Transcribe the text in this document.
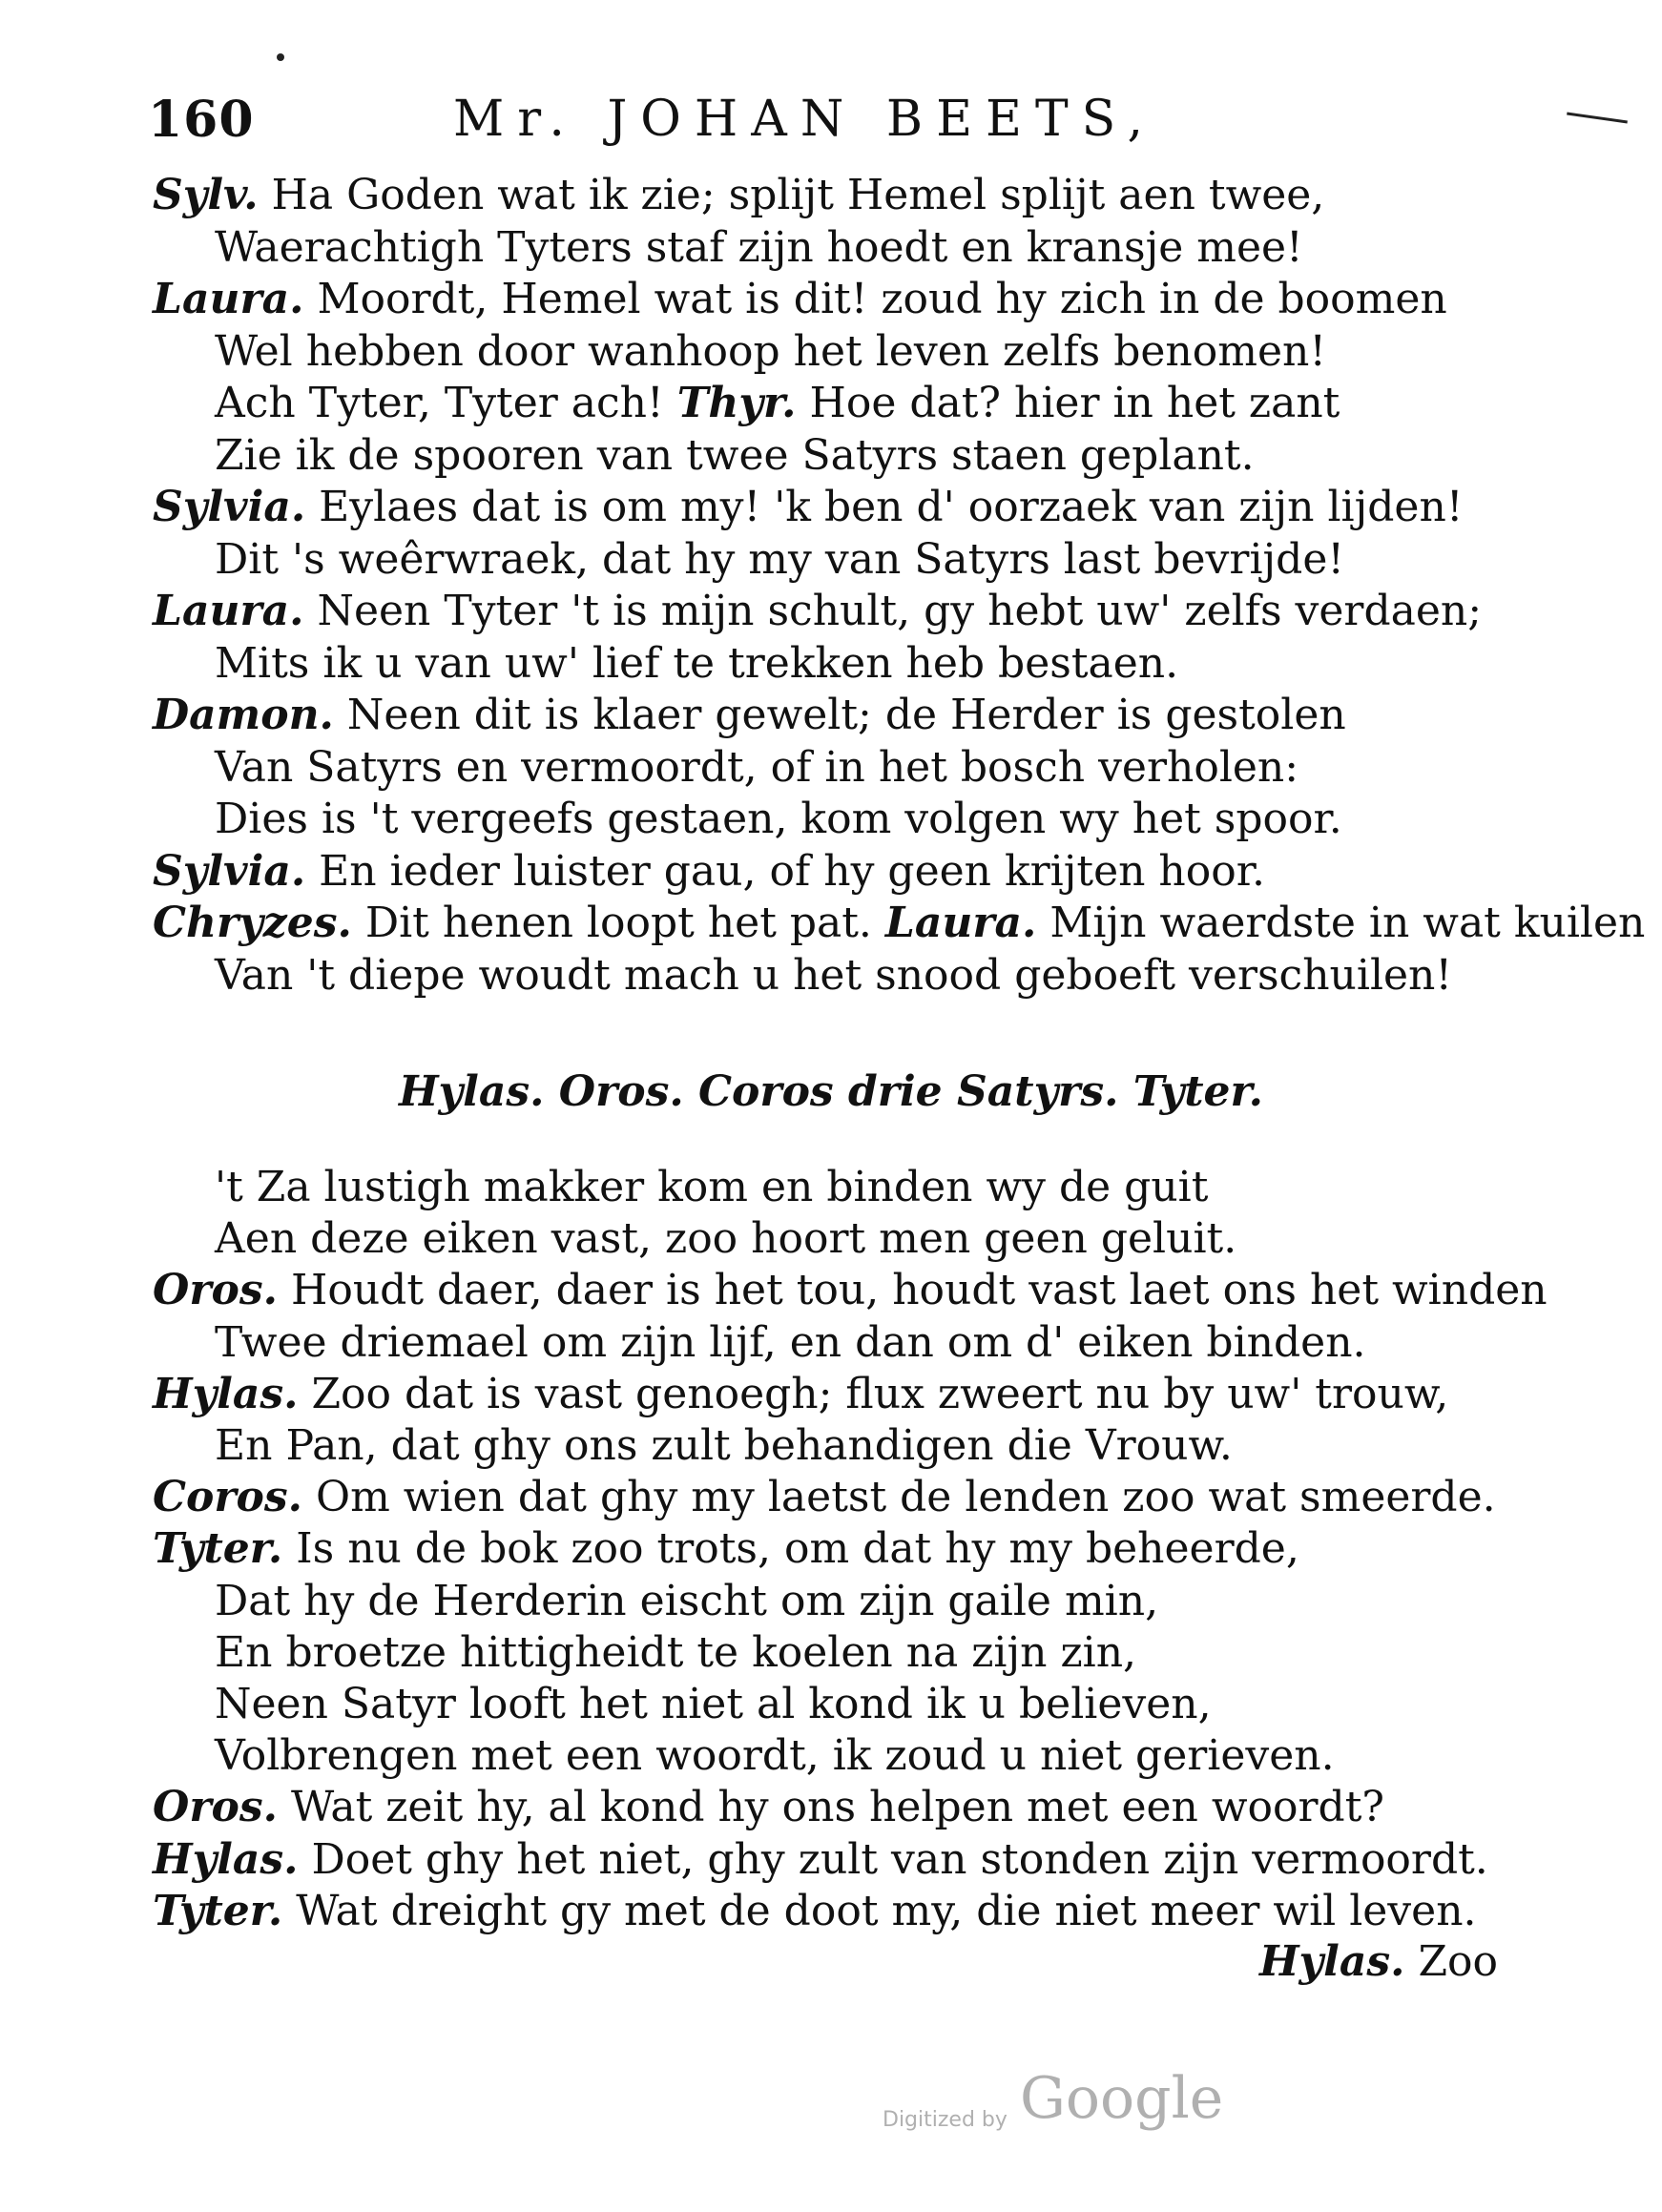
160	Mr. JOHAN BEETS,
Sylv. Ha Goden wat ik zie; splijt Hemel splijt aen twee,
Waerachtigh Tyters staf zijn hoedt en kransje mee!
Laura. Moordt, Hemel wat is dit! zoud hy zich in de boomen
Wel hebben door wanhoop het leven zelfs benomen!
Ach Tyter, Tyter ach! Thyr. Hoe dat? hier in het zant
Zie ik de spooren van twee Satyrs staen geplant.
Sylvia. Eylaes dat is om my! 'k ben d' oorzaek van zijn lijden!
Dit 's weêrwraek, dat hy my van Satyrs last bevrijde!
Laura. Neen Tyter 't is mijn schult, gy hebt uw' zelfs verdaen;
Mits ik u van uw' lief te trekken heb bestaen.
Damon. Neen dit is klaer gewelt; de Herder is gestolen
Van Satyrs en vermoordt, of in het bosch verholen:
Dies is 't vergeefs gestaen, kom volgen wy het spoor.
Sylvia. En ieder luister gau, of hy geen krijten hoor.
Chryzes. Dit henen loopt het pat. Laura. Mijn waerdste in wat kuilen
Van 't diepe woudt mach u het snood geboeft verschuilen!
Hylas. Oros. Coros drie Satyrs. Tyter.
't Za lustigh makker kom en binden wy de guit
Aen deze eiken vast, zoo hoort men geen geluit.
Oros. Houdt daer, daer is het tou, houdt vast laet ons het winden
Twee driemael om zijn lijf, en dan om d' eiken binden.
Hylas. Zoo dat is vast genoegh; flux zweert nu by uw' trouw,
En Pan, dat ghy ons zult behandigen die Vrouw.
Coros. Om wien dat ghy my laetst de lenden zoo wat smeerde.
Tyter. Is nu de bok zoo trots, om dat hy my beheerde,
Dat hy de Herderin eischt om zijn gaile min,
En broetze hittigheidt te koelen na zijn zin,
Neen Satyr looft het niet al kond ik u believen,
Volbrengen met een woordt, ik zoud u niet gerieven.
Oros. Wat zeit hy, al kond hy ons helpen met een woordt?
Hylas. Doet ghy het niet, ghy zult van stonden zijn vermoordt.
Tyter. Wat dreight gy met de doot my, die niet meer wil leven.
Hylas. Zoo
Digitized by Google
